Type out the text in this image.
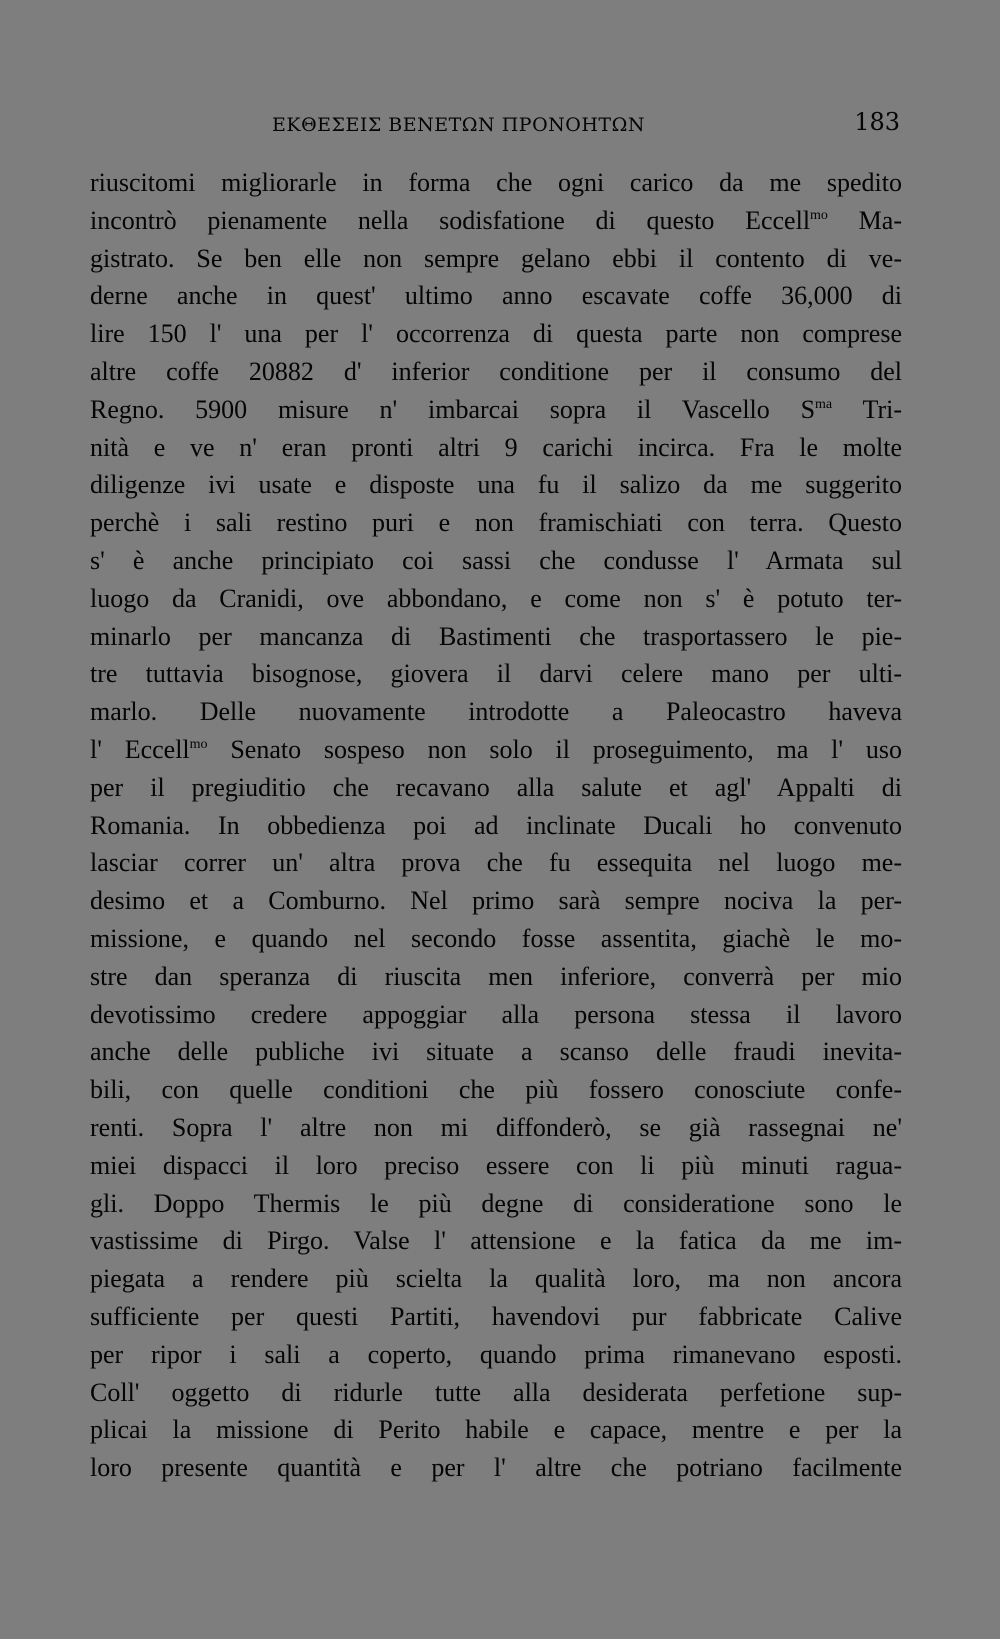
ΕΚΘΕΣΕΙΣ ΒΕΝΕΤΩΝ ΠΡΟΝΟΗΤΩΝ	183
riuscitomi migliorarle in forma che ogni carico da me spedito
incontrò pienamente nella sodisfatione di questo Eccell$^{mo}$ Ma-
gistrato. Se ben elle non sempre gelano ebbi il contento di ve-
derne anche in quest' ultimo anno escavate coffe 36,000 di
lire 150 l' una per l' occorrenza di questa parte non comprese
altre coffe 20882 d' inferior conditione per il consumo del
Regno. 5900 misure n' imbarcai sopra il Vascello $S^{ma}$ Tri-
nità e ve n' eran pronti altri 9 carichi incirca. Fra le molte
diligenze ivi usate e disposte una fu il salizo da me suggerito
perchè i sali restino puri e non framischiati con terra. Questo
s' è anche principiato coi sassi che condusse l' Armata sul
luogo da Cranidi, ove abbondano, e come non s' è potuto ter-
minarlo per mancanza di Bastimenti che trasportassero le pie-
tre tuttavia bisognose, giovera il darvi celere mano per ulti-
marlo. Delle nuovamente introdotte a Paleocastro haveva
l' Eccell$^{mo}$ Senato sospeso non solo il proseguimento, ma l' uso
per il pregiuditio che recavano alla salute et agl' Appalti di
Romania. In obbedienza poi ad inclinate Ducali ho convenuto
lasciar correr un' altra prova che fu essequita nel luogo me-
desimo et a Comburno. Nel primo sarà sempre nociva la per-
missione, e quando nel secondo fosse assentita, giachè le mo-
stre dan speranza di riuscita men inferiore, converrà per mio
devotissimo credere appoggiar alla persona stessa il lavoro
anche delle publiche ivi situate a scanso delle fraudi inevita-
bili, con quelle conditioni che più fossero conosciute confe-
renti. Sopra l' altre non mi diffonderò, se già rassegnai ne'
miei dispacci il loro preciso essere con li più minuti ragua-
gli. Doppo Thermis le più degne di consideratione sono le
vastissime di Pirgo. Valse l' attensione e la fatica da me im-
piegata a rendere più scielta la qualità loro, ma non ancora
sufficiente per questi Partiti, havendovi pur fabbricate Calive
per ripor i sali a coperto, quando prima rimanevano esposti.
Coll' oggetto di ridurle tutte alla desiderata perfetione sup-
plicai la missione di Perito habile e capace, mentre e per la
loro presente quantità e per l' altre che potriano facilmente
